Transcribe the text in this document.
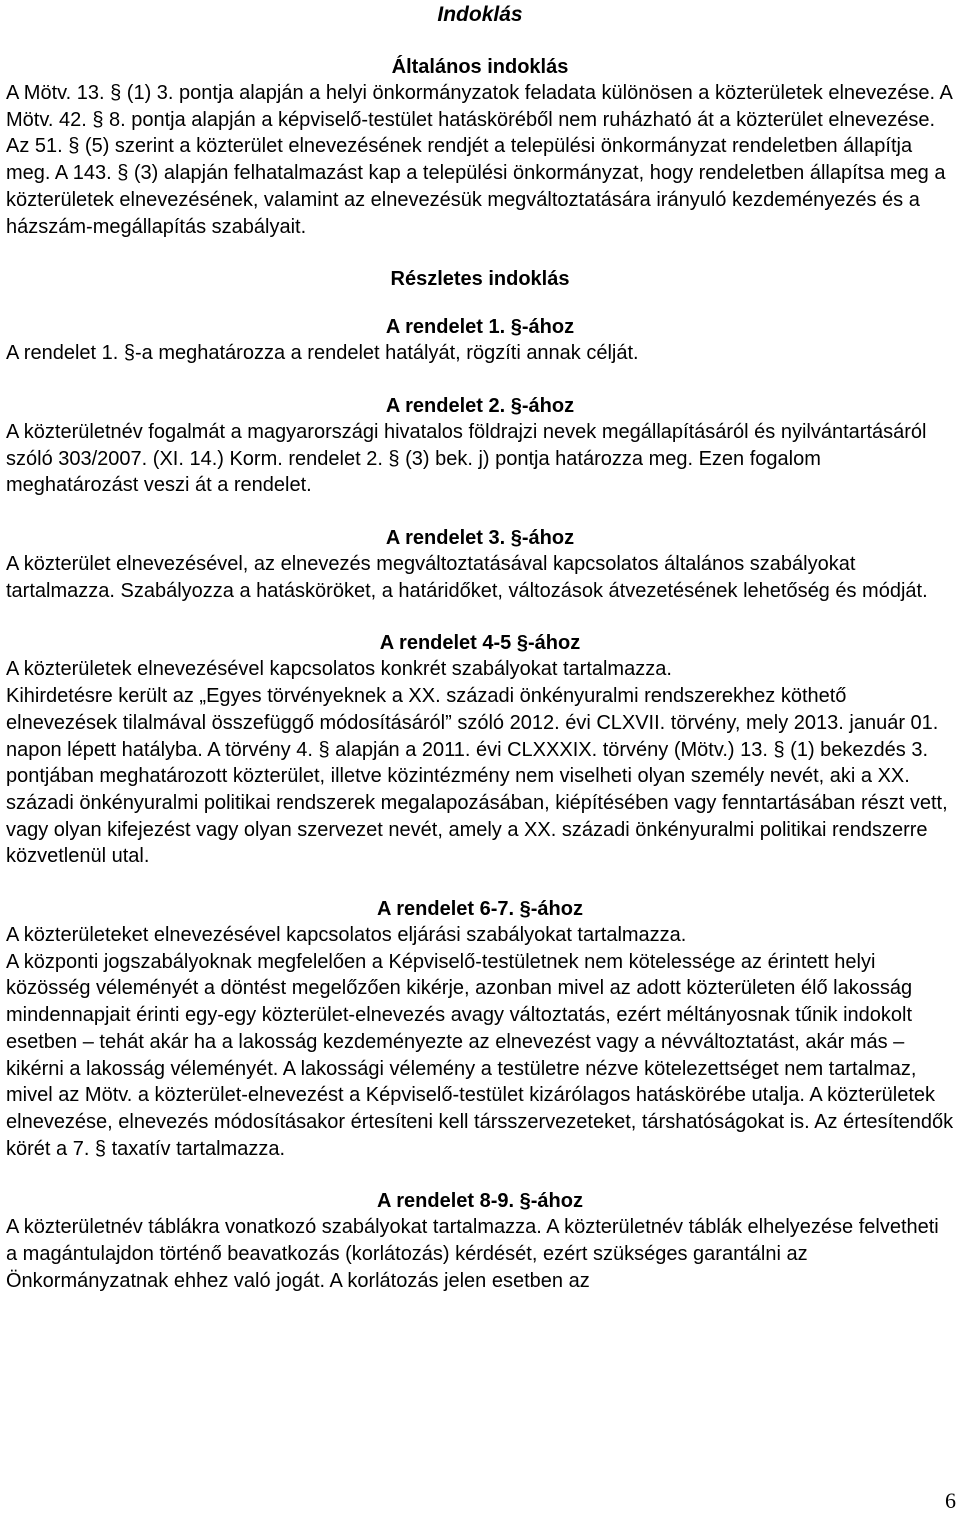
Indoklás
Általános indoklás

A Mötv. 13. § (1) 3. pontja alapján a helyi önkormányzatok feladata különösen a közterületek elnevezése. A Mötv. 42. § 8. pontja alapján a képviselő-testület hatásköréből nem ruházható át a közterület elnevezése. Az 51. § (5) szerint a közterület elnevezésének rendjét a települési önkormányzat rendeletben állapítja meg. A 143. § (3) alapján felhatalmazást kap a települési önkormányzat, hogy rendeletben állapítsa meg a közterületek elnevezésének, valamint az elnevezésük megváltoztatására irányuló kezdeményezés és a házszám-megállapítás szabályait.

Részletes indoklás
A rendelet 1. §-ához

A rendelet 1. §-a meghatározza a rendelet hatályát, rögzíti annak célját.

A rendelet 2. §-ához

A közterületnév fogalmát a magyarországi hivatalos földrajzi nevek megállapításáról és nyilvántartásáról szóló 303/2007. (XI. 14.) Korm. rendelet 2. § (3) bek. j) pontja határozza meg. Ezen fogalom meghatározást veszi át a rendelet.

A rendelet 3. §-ához

A közterület elnevezésével, az elnevezés megváltoztatásával kapcsolatos általános szabályokat tartalmazza. Szabályozza a hatásköröket, a határidőket, változások átvezetésének lehetőség és módját.

A rendelet 4-5 §-ához

A közterületek elnevezésével kapcsolatos konkrét szabályokat tartalmazza.

Kihirdetésre került az „Egyes törvényeknek a XX. századi önkényuralmi rendszerekhez köthető elnevezések tilalmával összefüggő módosításáról” szóló 2012. évi CLXVII. törvény, mely 2013. január 01. napon lépett hatályba. A törvény 4. § alapján a 2011. évi CLXXXIX. törvény (Mötv.) 13. § (1) bekezdés 3. pontjában meghatározott közterület, illetve közintézmény nem viselheti olyan személy nevét, aki a XX. századi önkényuralmi politikai rendszerek megalapozásában, kiépítésében vagy fenntartásában részt vett, vagy olyan kifejezést vagy olyan szervezet nevét, amely a XX. századi önkényuralmi politikai rendszerre közvetlenül utal.

A rendelet 6-7. §-ához

A közterületeket elnevezésével kapcsolatos eljárási szabályokat tartalmazza.

A központi jogszabályoknak megfelelően a Képviselő-testületnek nem kötelessége az érintett helyi közösség véleményét a döntést megelőzően kikérje, azonban mivel az adott közterületen élő lakosság mindennapjait érinti egy-egy közterület-elnevezés avagy változtatás, ezért méltányosnak tűnik indokolt esetben – tehát akár ha a lakosság kezdeményezte az elnevezést vagy a névváltoztatást, akár más – kikérni a lakosság véleményét. A lakossági vélemény a testületre nézve kötelezettséget nem tartalmaz, mivel az Mötv. a közterület-elnevezést a Képviselő-testület kizárólagos hatáskörébe utalja. A közterületek elnevezése, elnevezés módosításakor értesíteni kell társszervezeteket, társhatóságokat is. Az értesítendők körét a 7. § taxatív tartalmazza.

A rendelet 8-9. §-ához

A közterületnév táblákra vonatkozó szabályokat tartalmazza. A közterületnév táblák elhelyezése felvetheti a magántulajdon történő beavatkozás (korlátozás) kérdését, ezért szükséges garantálni az Önkormányzatnak ehhez való jogát. A korlátozás jelen esetben az

6
